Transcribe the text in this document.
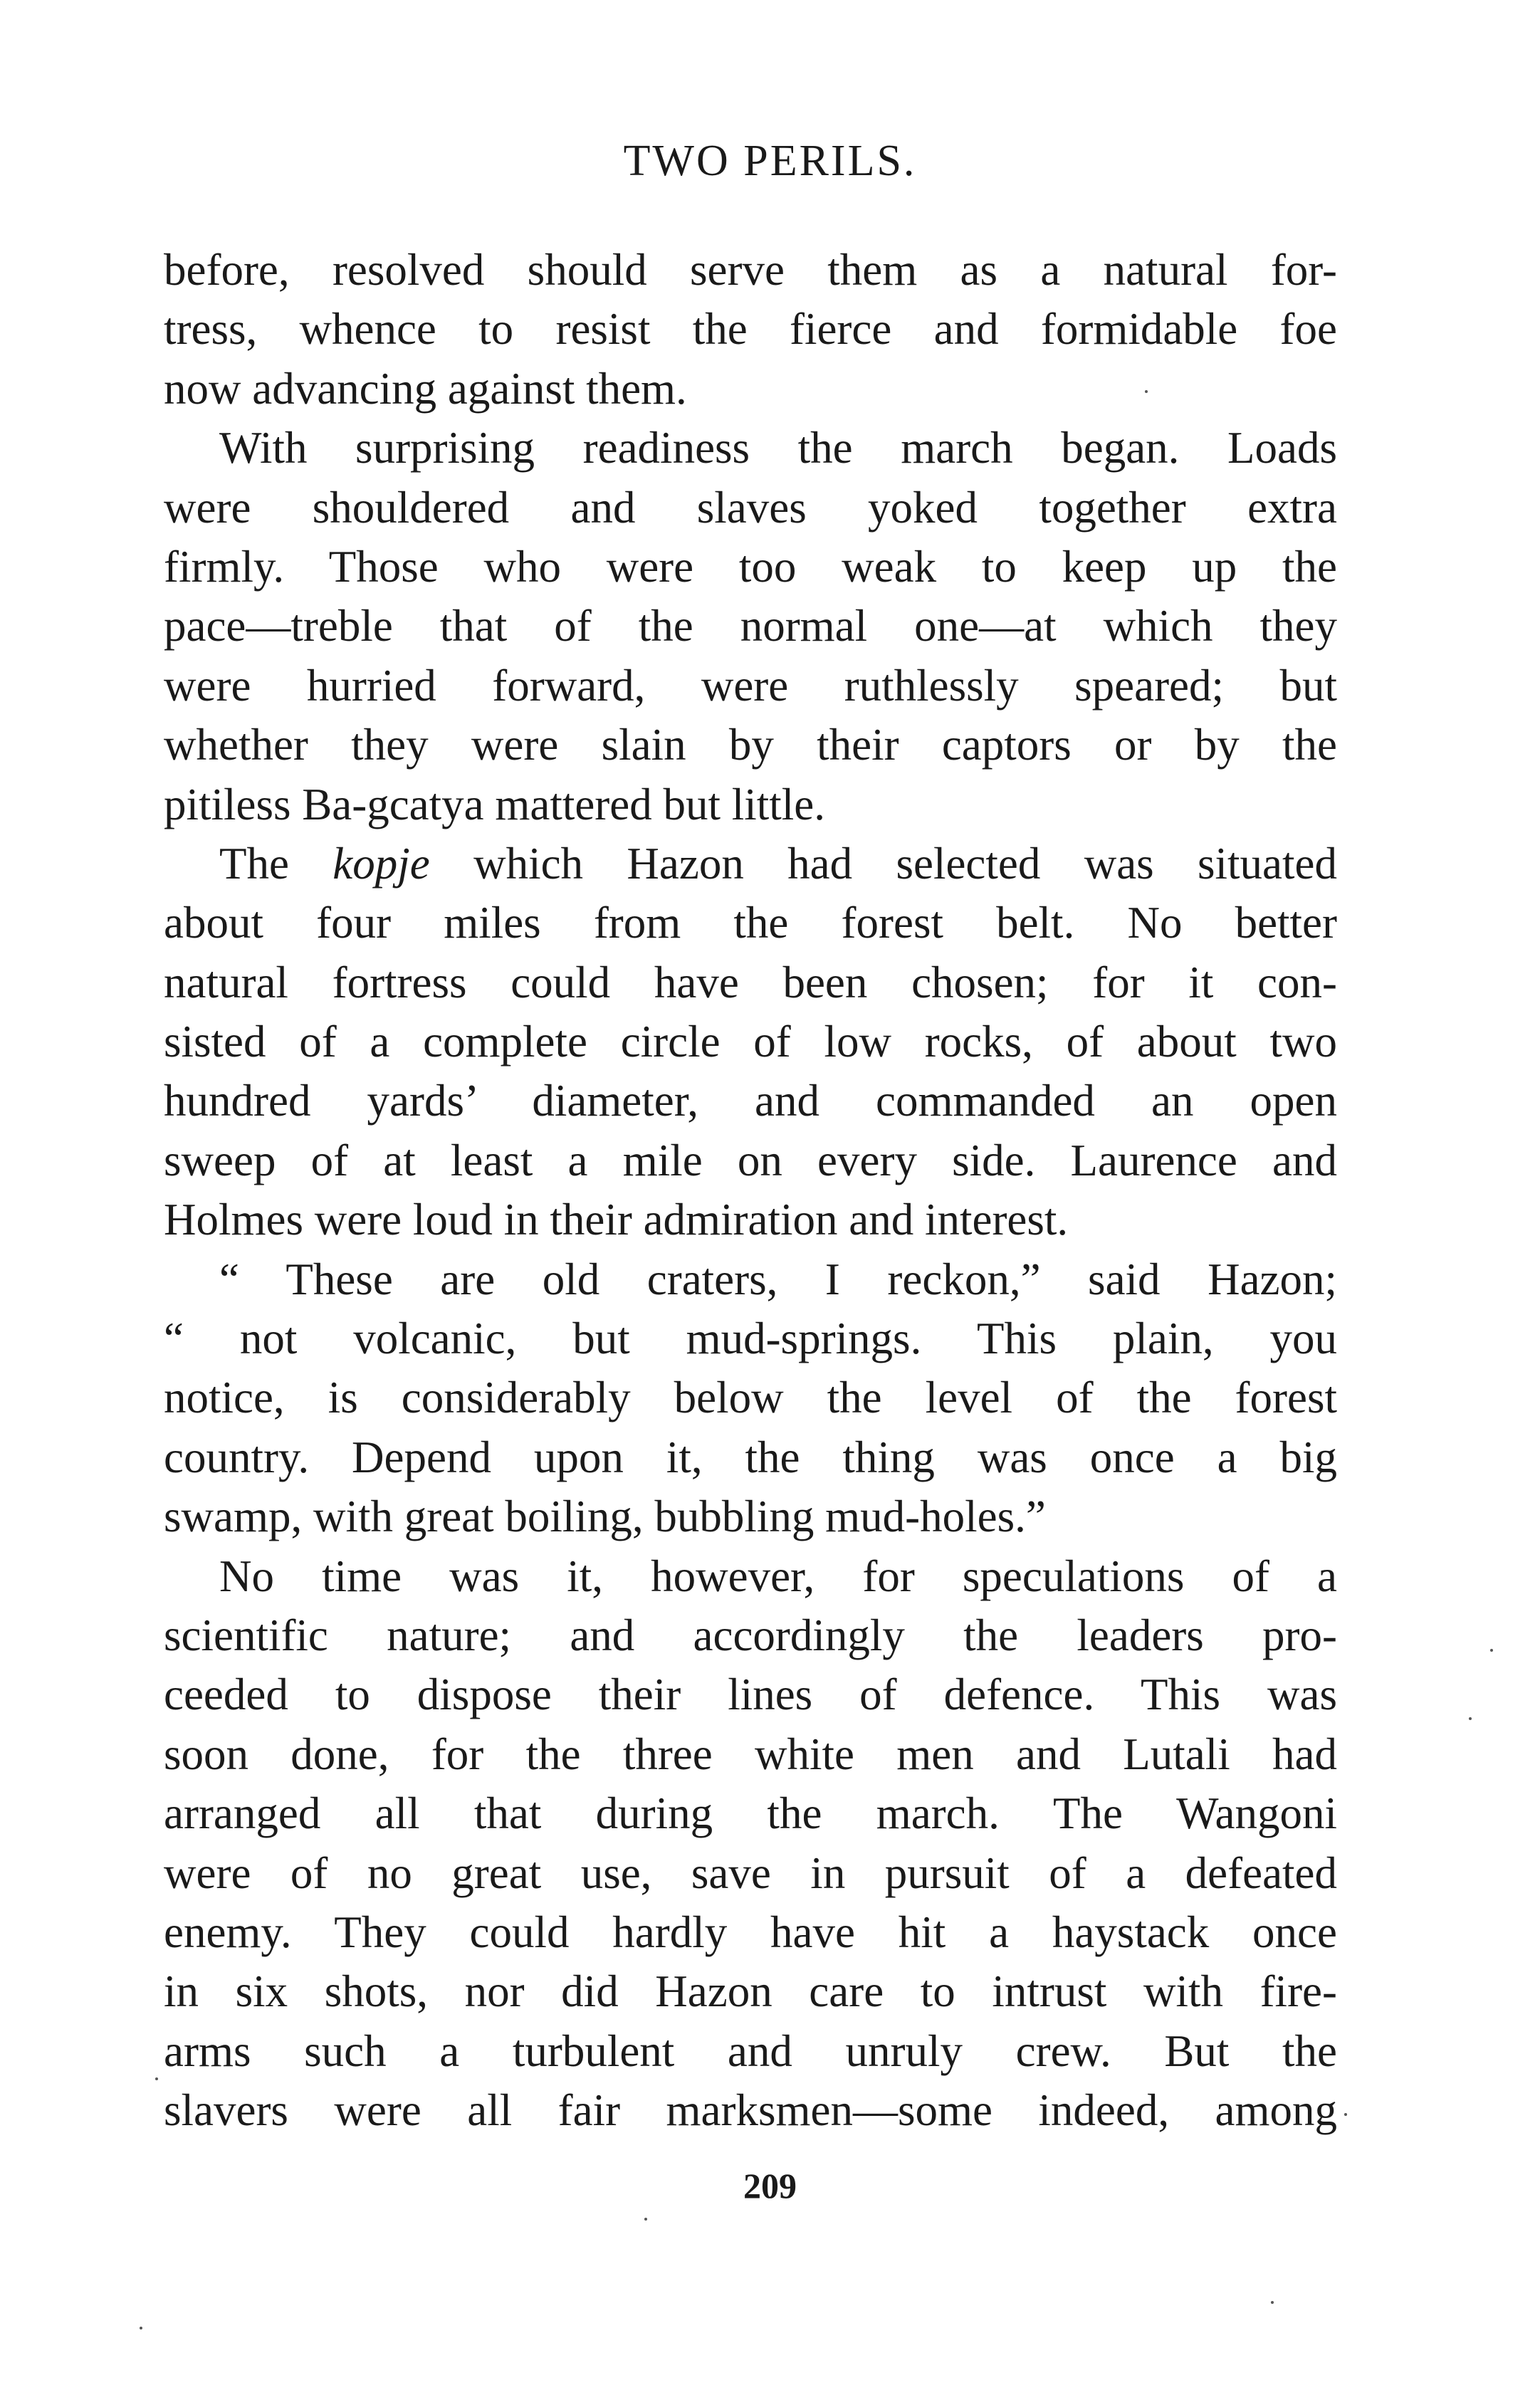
TWO PERILS.
before, resolved should serve them as a natural for-
tress, whence to resist the fierce and formidable foe
now advancing against them.
With surprising readiness the march began. Loads
were shouldered and slaves yoked together extra
firmly. Those who were too weak to keep up the
pace—treble that of the normal one—at which they
were hurried forward, were ruthlessly speared; but
whether they were slain by their captors or by the
pitiless Ba-gcatya mattered but little.
The kopje which Hazon had selected was situated
about four miles from the forest belt. No better
natural fortress could have been chosen; for it con-
sisted of a complete circle of low rocks, of about two
hundred yards’ diameter, and commanded an open
sweep of at least a mile on every side. Laurence and
Holmes were loud in their admiration and interest.
“ These are old craters, I reckon,” said Hazon;
“ not volcanic, but mud-springs. This plain, you
notice, is considerably below the level of the forest
country. Depend upon it, the thing was once a big
swamp, with great boiling, bubbling mud-holes.”
No time was it, however, for speculations of a
scientific nature; and accordingly the leaders pro-
ceeded to dispose their lines of defence. This was
soon done, for the three white men and Lutali had
arranged all that during the march. The Wangoni
were of no great use, save in pursuit of a defeated
enemy. They could hardly have hit a haystack once
in six shots, nor did Hazon care to intrust with fire-
arms such a turbulent and unruly crew. But the
slavers were all fair marksmen—some indeed, among
209
